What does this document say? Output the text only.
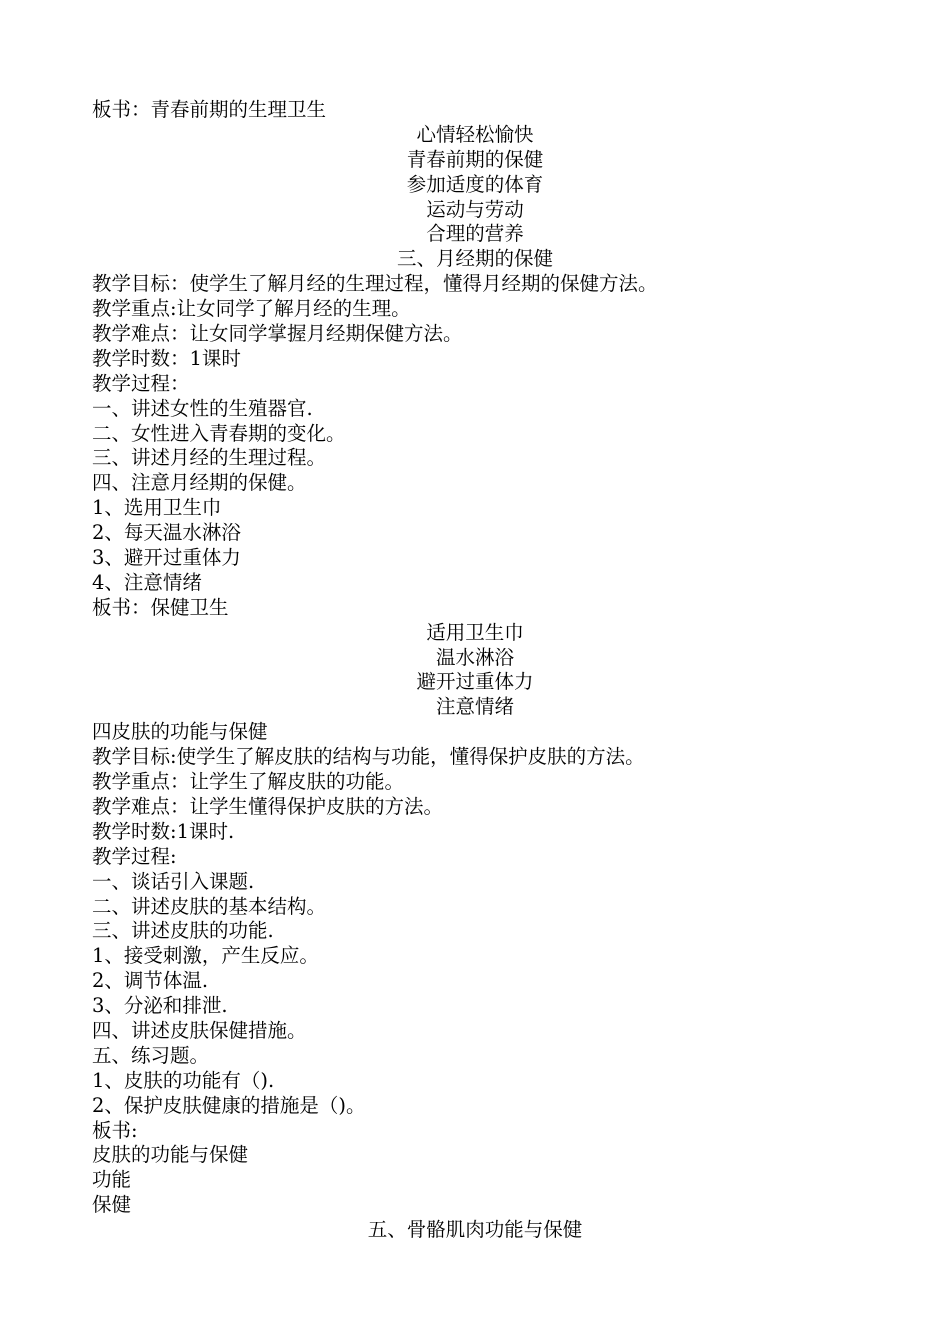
板书：青春前期的生理卫生
心情轻松愉快
青春前期的保健
参加适度的体育
运动与劳动
合理的营养
三、月经期的保健
教学目标：使学生了解月经的生理过程，懂得月经期的保健方法。
教学重点:让女同学了解月经的生理。
教学难点：让女同学掌握月经期保健方法。
教学时数：1课时
教学过程：
一、讲述女性的生殖器官.
二、女性进入青春期的变化。
三、讲述月经的生理过程。
四、注意月经期的保健。
1、选用卫生巾
2、每天温水淋浴
3、避开过重体力
4、注意情绪
板书：保健卫生
适用卫生巾
温水淋浴
避开过重体力
注意情绪
四皮肤的功能与保健
教学目标:使学生了解皮肤的结构与功能，懂得保护皮肤的方法。
教学重点：让学生了解皮肤的功能。
教学难点：让学生懂得保护皮肤的方法。
教学时数:1课时.
教学过程:
一、谈话引入课题.
二、讲述皮肤的基本结构。
三、讲述皮肤的功能.
1、接受刺激，产生反应。
2、调节体温.
3、分泌和排泄.
四、讲述皮肤保健措施。
五、练习题。
1、皮肤的功能有（).
2、保护皮肤健康的措施是（)。
板书:
皮肤的功能与保健
功能
保健
五、骨骼肌肉功能与保健
